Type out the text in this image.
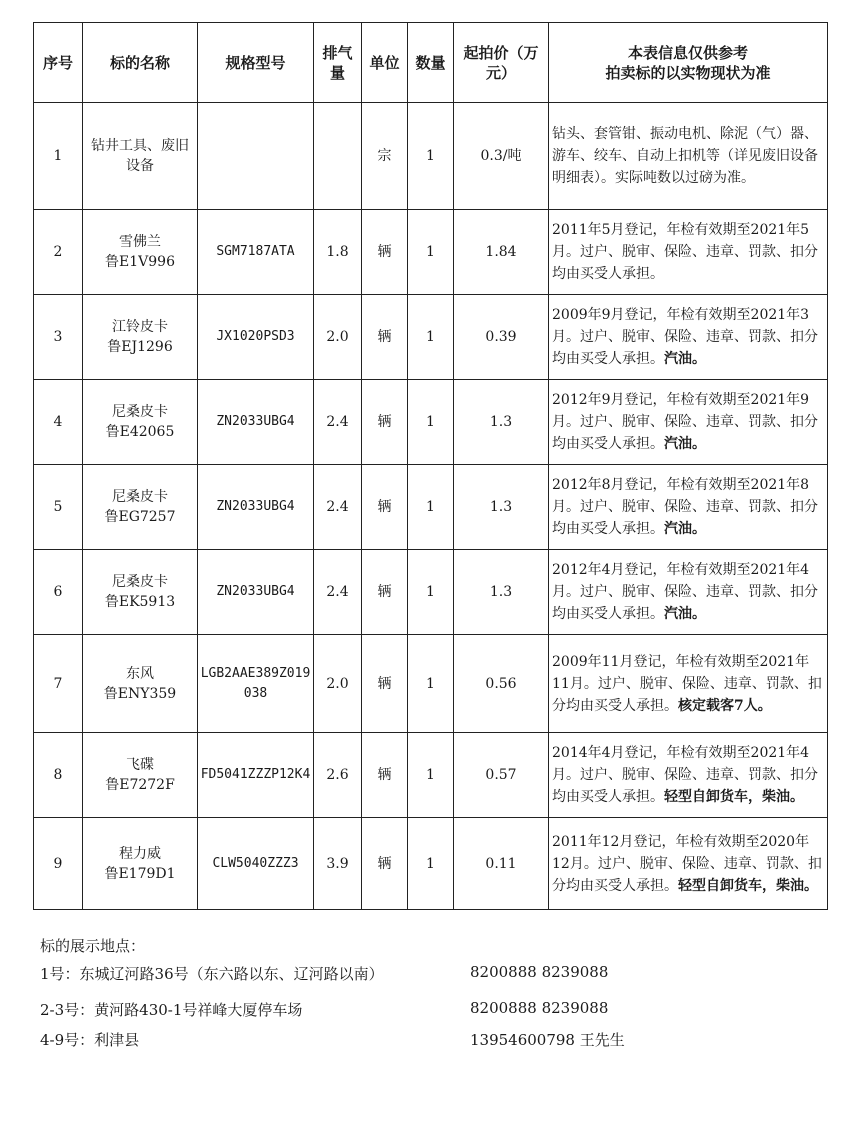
序号	标的名称	规格型号	排气量	单位	数量	起拍价（万元）	本表信息仅供参考
拍卖标的以实物现状为准

1	钻井工具、废旧
设备			宗	1	0.3/吨	钻头、套管钳、振动电机、除泥（气）器、游车、绞车、自动上扣机等（详见废旧设备明细表）。实际吨数以过磅为准。
2	雪佛兰
鲁E1V996	SGM7187ATA	1.8	辆	1	1.84	2011年5月登记，年检有效期至2021年5月。过户、脱审、保险、违章、罚款、扣分均由买受人承担。
3	江铃皮卡
鲁EJ1296	JX1020PSD3	2.0	辆	1	0.39	2009年9月登记，年检有效期至2021年3月。过户、脱审、保险、违章、罚款、扣分均由买受人承担。汽油。
4	尼桑皮卡
鲁E42065	ZN2033UBG4	2.4	辆	1	1.3	2012年9月登记，年检有效期至2021年9月。过户、脱审、保险、违章、罚款、扣分均由买受人承担。汽油。
5	尼桑皮卡
鲁EG7257	ZN2033UBG4	2.4	辆	1	1.3	2012年8月登记，年检有效期至2021年8月。过户、脱审、保险、违章、罚款、扣分均由买受人承担。汽油。
6	尼桑皮卡
鲁EK5913	ZN2033UBG4	2.4	辆	1	1.3	2012年4月登记，年检有效期至2021年4月。过户、脱审、保险、违章、罚款、扣分均由买受人承担。汽油。
7	东风
鲁ENY359	LGB2AAE389Z019038	2.0	辆	1	0.56	2009年11月登记，年检有效期至2021年11月。过户、脱审、保险、违章、罚款、扣分均由买受人承担。核定载客7人。
8	飞碟
鲁E7272F	FD5041ZZZP12K4	2.6	辆	1	0.57	2014年4月登记，年检有效期至2021年4月。过户、脱审、保险、违章、罚款、扣分均由买受人承担。轻型自卸货车，柴油。
9	程力威
鲁E179D1	CLW5040ZZZ3	3.9	辆	1	0.11	2011年12月登记，年检有效期至2020年12月。过户、脱审、保险、违章、罚款、扣分均由买受人承担。轻型自卸货车，柴油。
标的展示地点：
1号：东城辽河路36号（东六路以东、辽河路以南）	8200888 8239088
2-3号：黄河路430-1号祥峰大厦停车场	8200888 8239088
4-9号：利津县	13954600798 王先生
